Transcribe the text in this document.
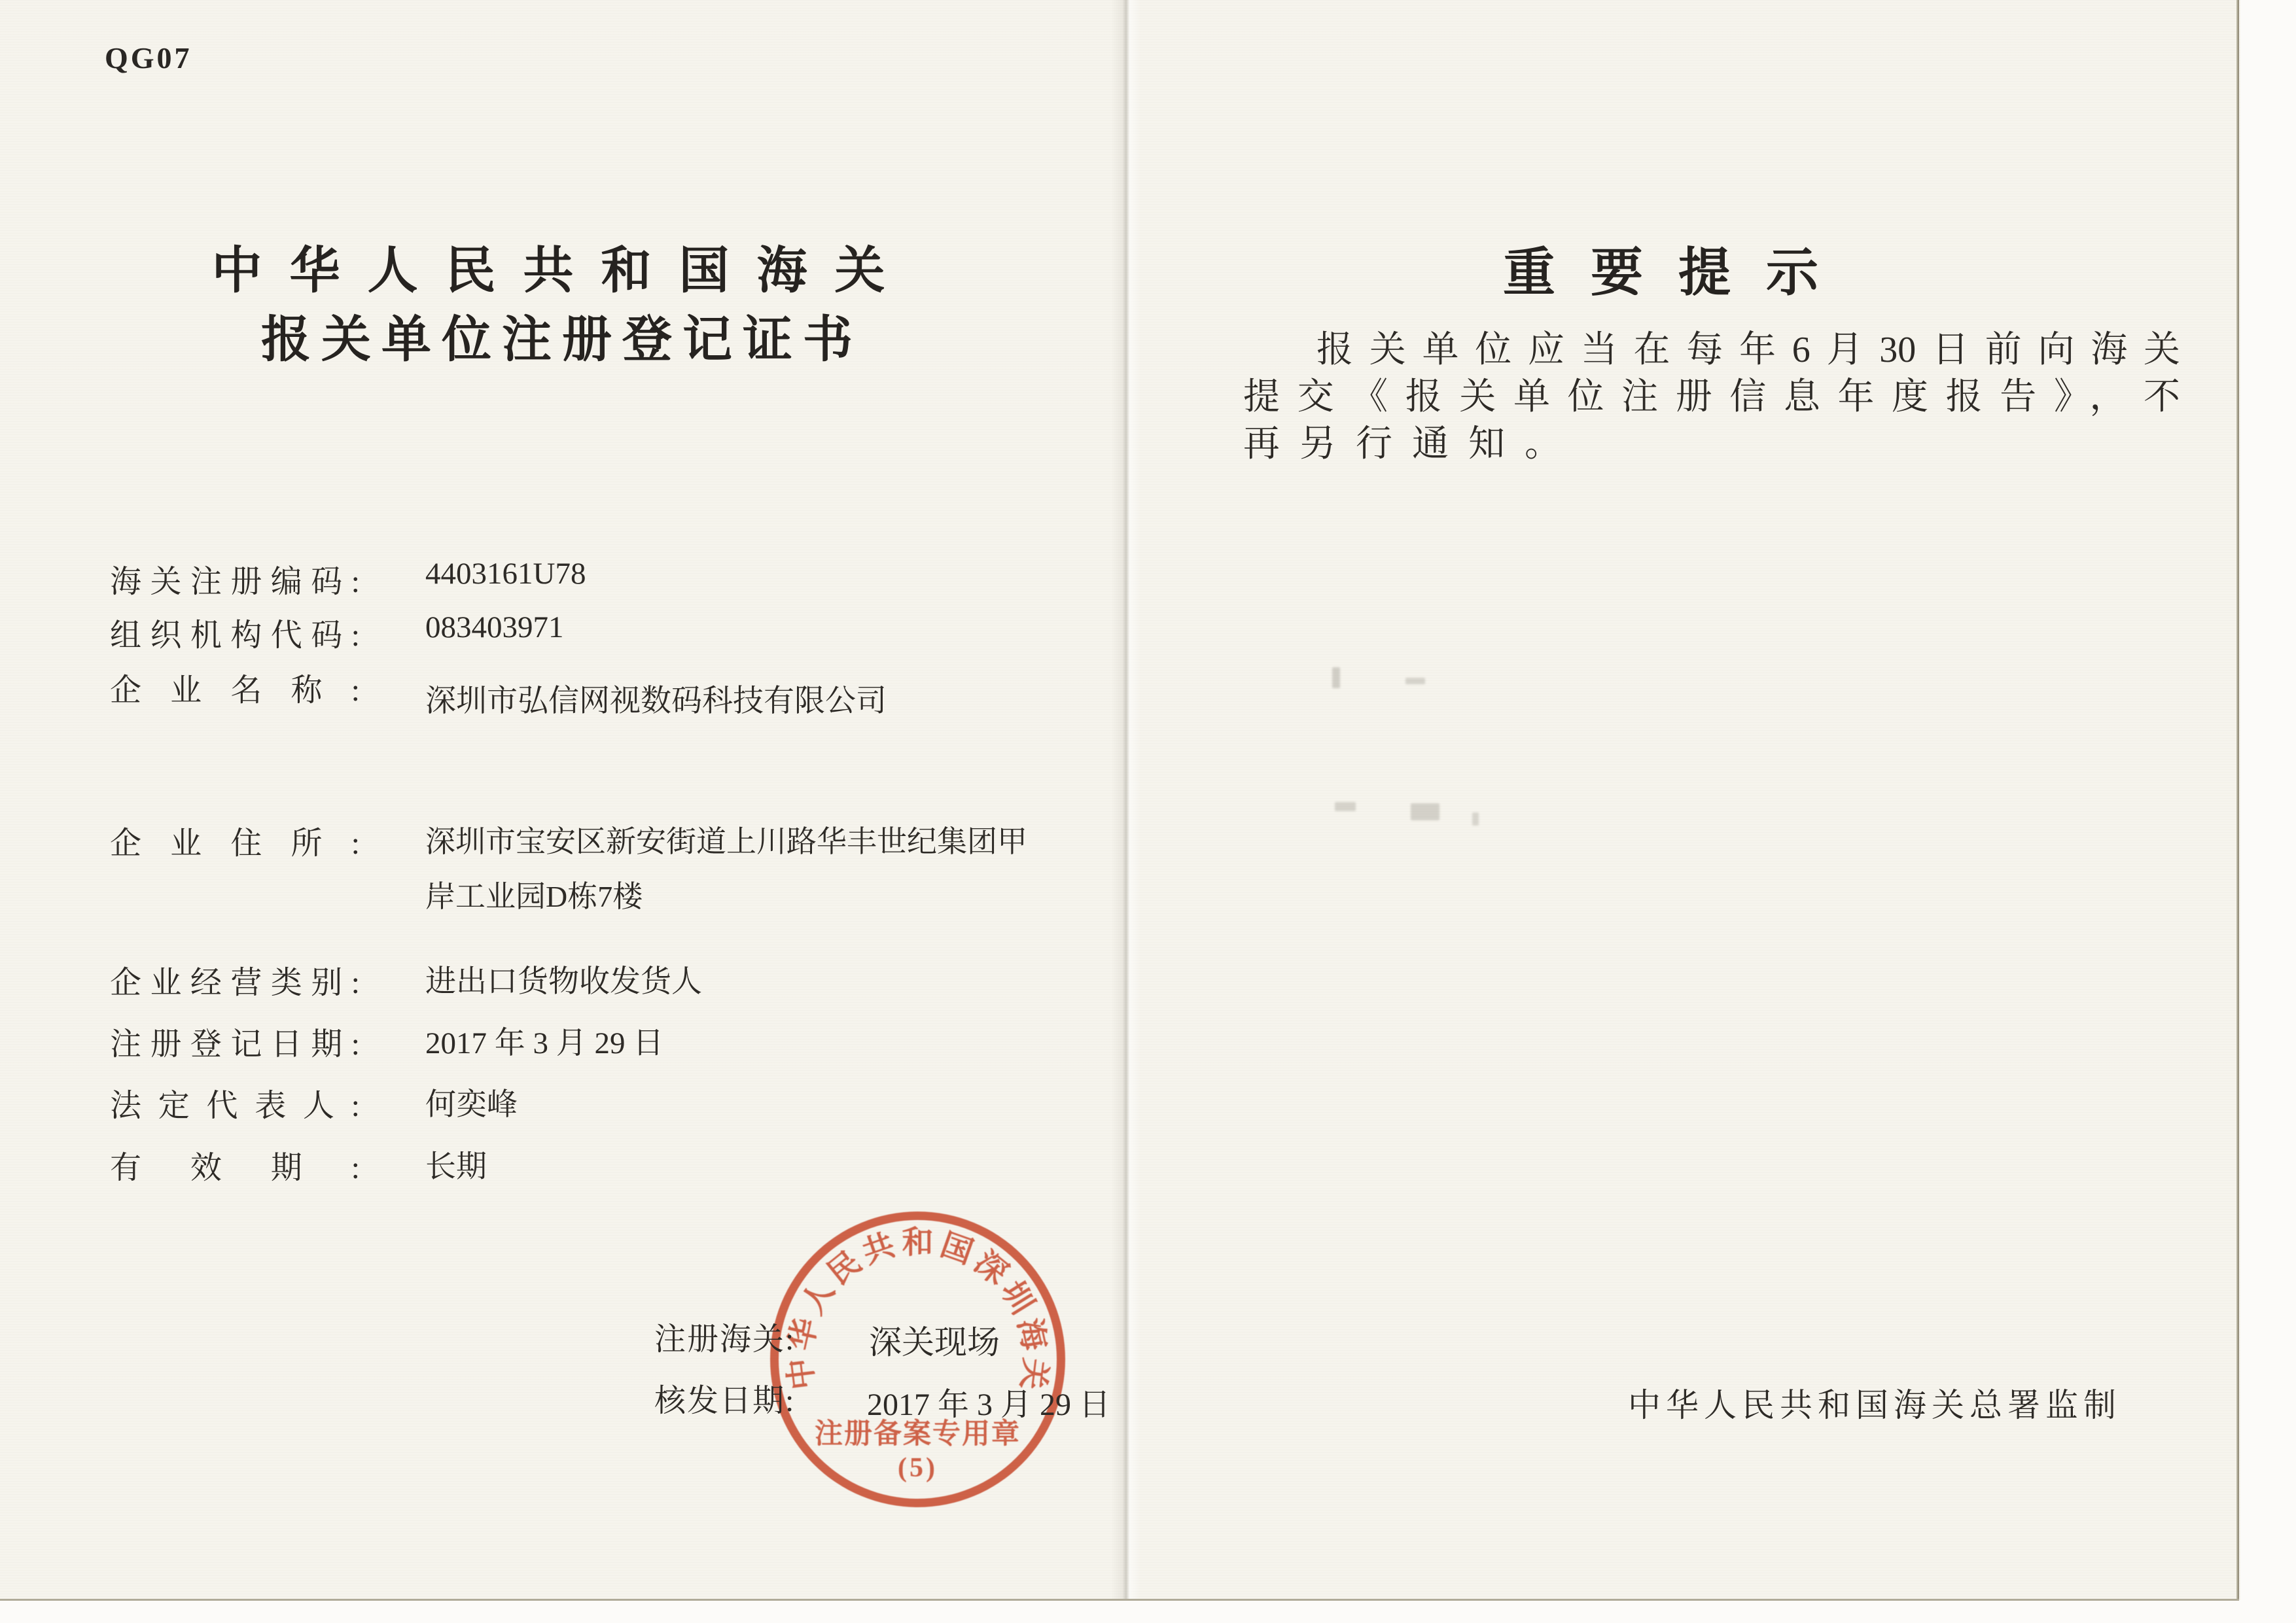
QG07
中华人民共和国海关
报关单位注册登记证书
海关注册编码: 4403161U78
组织机构代码: 083403971
企业名称: 深圳市弘信网视数码科技有限公司
企业住所: 深圳市宝安区新安街道上川路华丰世纪集团甲
岸工业园D栋7楼
企业经营类别: 进出口货物收发货人
注册登记日期: 2017 年 3 月 29 日
法定代表人: 何奕峰
有效期: 长期
注册海关: 深关现场
核发日期: 2017 年 3 月 29 日
中
华
人
民
共 和 国
深
圳
海
关
注册备案专用章
(5)
重要提示
报关单位应当在每年6月30日前向海关
提交《报关单位注册信息年度报告》，不
再另行通知。
中华人民共和国海关总署监制
